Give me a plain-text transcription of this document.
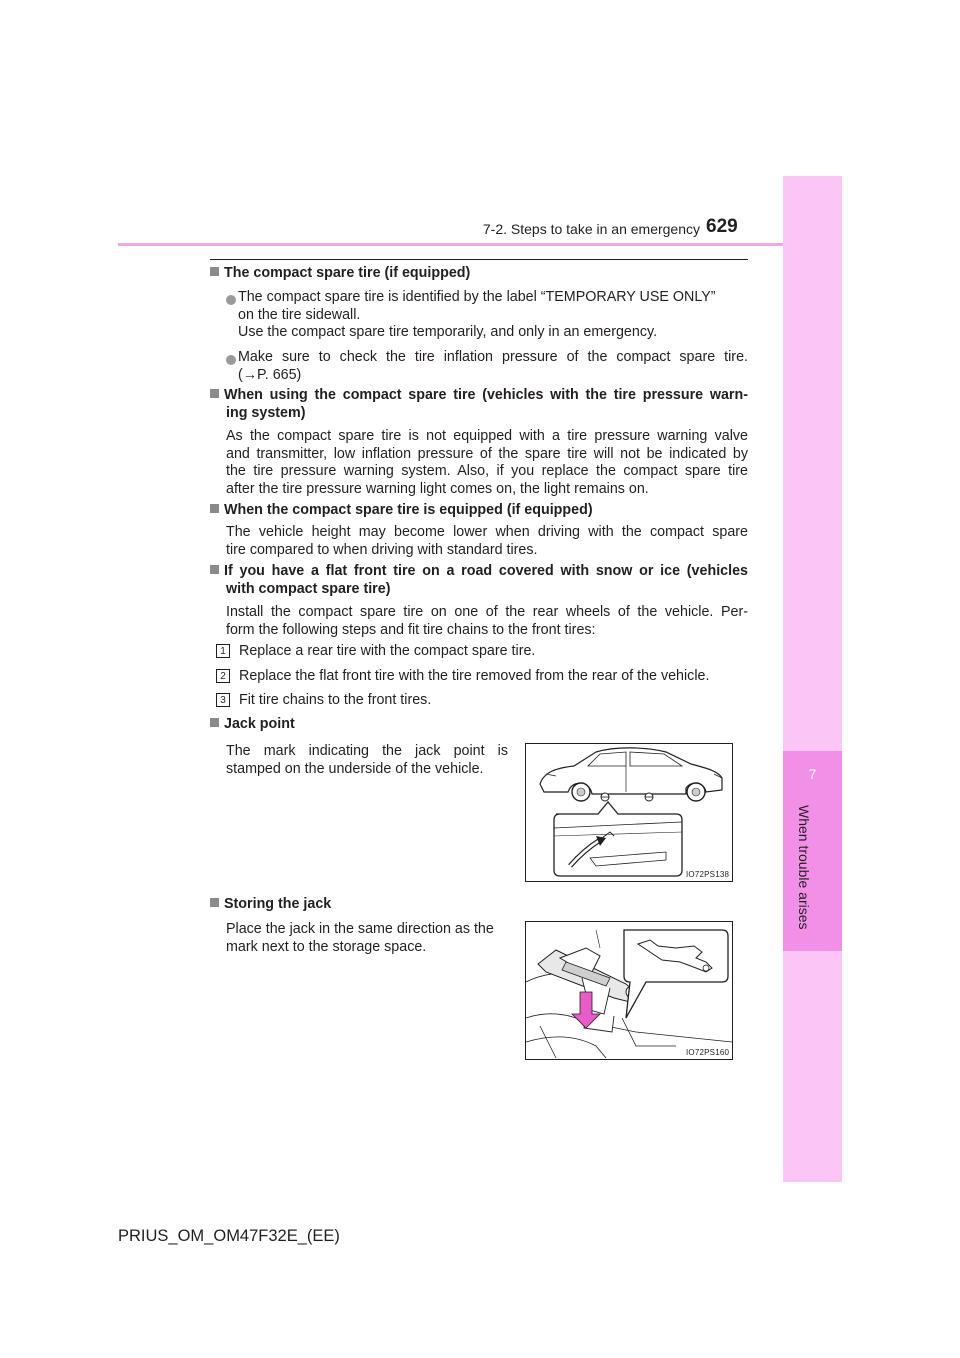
7-2. Steps to take in an emergency 629
7
When trouble arises
The compact spare tire (if equipped)
The compact spare tire is identified by the label “TEMPORARY USE ONLY”
on the tire sidewall.
Use the compact spare tire temporarily, and only in an emergency.
Make sure to check the tire inflation pressure of the compact spare tire.
(→P. 665)
When using the compact spare tire (vehicles with the tire pressure warn-
ing system)
As the compact spare tire is not equipped with a tire pressure warning valve
and transmitter, low inflation pressure of the spare tire will not be indicated by
the tire pressure warning system. Also, if you replace the compact spare tire
after the tire pressure warning light comes on, the light remains on.
When the compact spare tire is equipped (if equipped)
The vehicle height may become lower when driving with the compact spare
tire compared to when driving with standard tires.
If you have a flat front tire on a road covered with snow or ice (vehicles
with compact spare tire)
Install the compact spare tire on one of the rear wheels of the vehicle. Per-
form the following steps and fit tire chains to the front tires:
1 Replace a rear tire with the compact spare tire.
2 Replace the flat front tire with the tire removed from the rear of the vehicle.
3 Fit tire chains to the front tires.
Jack point
The mark indicating the jack point is
stamped on the underside of the vehicle.
IO72PS138
Storing the jack
Place the jack in the same direction as the
mark next to the storage space.
IO72PS160
PRIUS_OM_OM47F32E_(EE)
